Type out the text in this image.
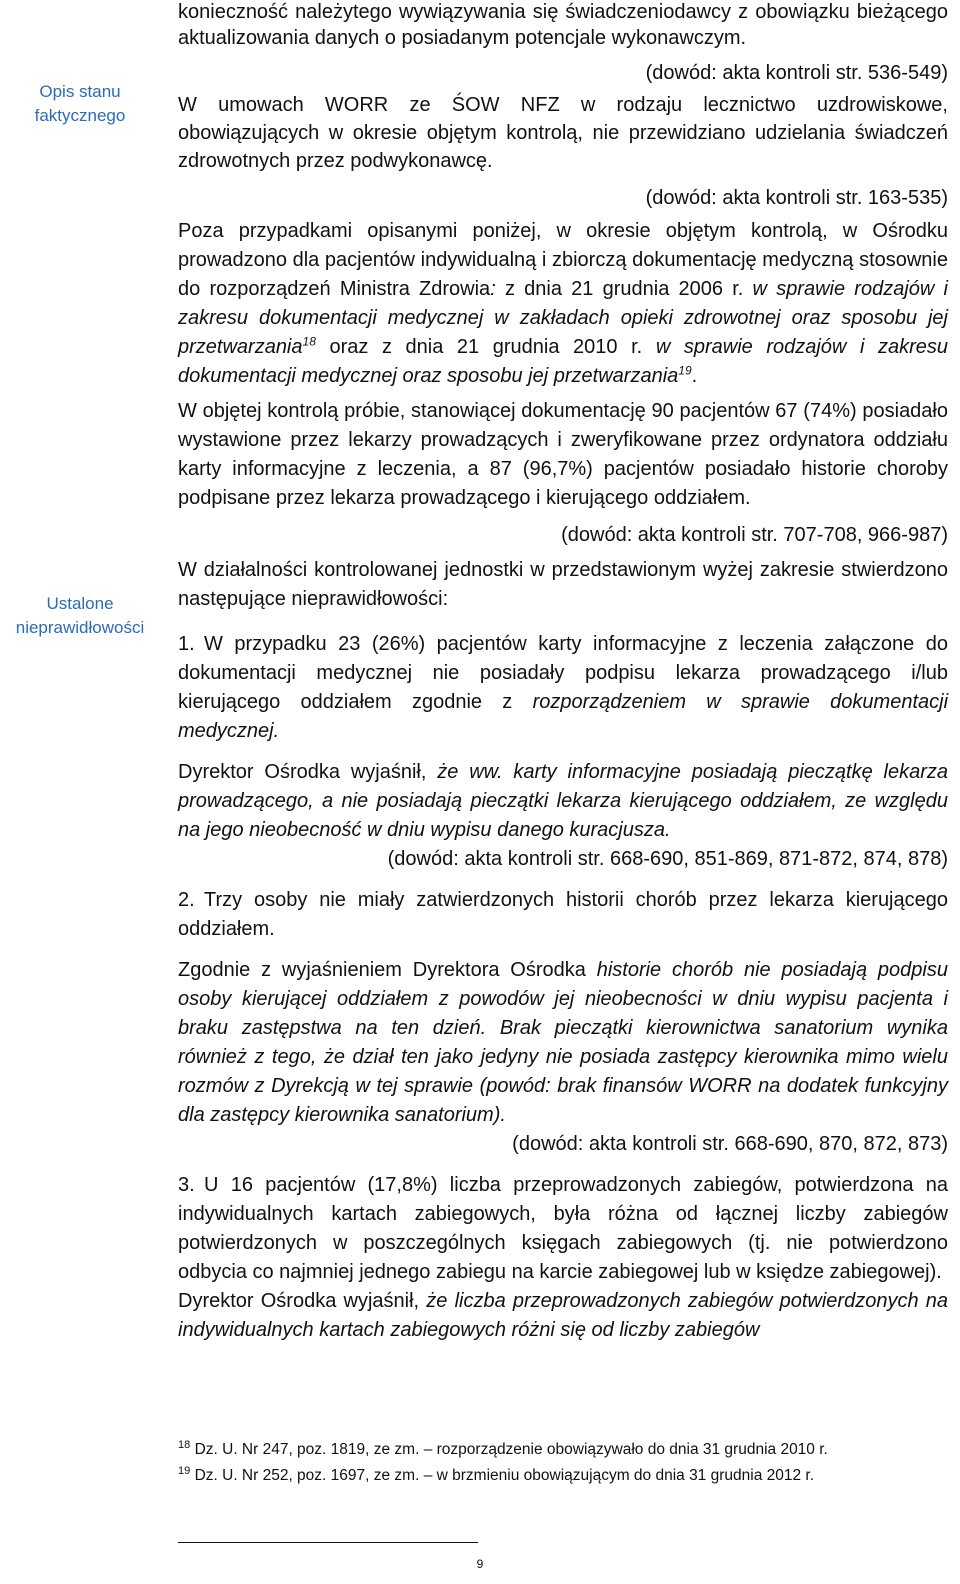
Opis stanu faktycznego
Ustalone nieprawidłowości

konieczność należytego wywiązywania się świadczeniodawcy z obowiązku bieżącego aktualizowania danych o posiadanym potencjale wykonawczym.

(dowód: akta kontroli str. 536-549)

W umowach WORR ze ŚOW NFZ w rodzaju lecznictwo uzdrowiskowe, obowiązujących w okresie objętym kontrolą, nie przewidziano udzielania świadczeń zdrowotnych przez podwykonawcę.

(dowód: akta kontroli str. 163-535)

Poza przypadkami opisanymi poniżej, w okresie objętym kontrolą, w Ośrodku prowadzono dla pacjentów indywidualną i zbiorczą dokumentację medyczną stosownie do rozporządzeń Ministra Zdrowia: z dnia 21 grudnia 2006 r. w sprawie rodzajów i zakresu dokumentacji medycznej w zakładach opieki zdrowotnej oraz sposobu jej przetwarzania$^{18}$ oraz z dnia 21 grudnia 2010 r. w sprawie rodzajów i zakresu dokumentacji medycznej oraz sposobu jej przetwarzania$^{19}$.

W objętej kontrolą próbie, stanowiącej dokumentację 90 pacjentów 67 (74%) posiadało wystawione przez lekarzy prowadzących i zweryfikowane przez ordynatora oddziału karty informacyjne z leczenia, a 87 (96,7%) pacjentów posiadało historie choroby podpisane przez lekarza prowadzącego i kierującego oddziałem.

(dowód: akta kontroli str. 707-708, 966-987)

W działalności kontrolowanej jednostki w przedstawionym wyżej zakresie stwierdzono następujące nieprawidłowości:

1. W przypadku 23 (26%) pacjentów karty informacyjne z leczenia załączone do dokumentacji medycznej nie posiadały podpisu lekarza prowadzącego i/lub kierującego oddziałem zgodnie z rozporządzeniem w sprawie dokumentacji medycznej.

Dyrektor Ośrodka wyjaśnił, że ww. karty informacyjne posiadają pieczątkę lekarza prowadzącego, a nie posiadają pieczątki lekarza kierującego oddziałem, ze względu na jego nieobecność w dniu wypisu danego kuracjusza.

(dowód: akta kontroli str. 668-690, 851-869, 871-872, 874, 878)

2. Trzy osoby nie miały zatwierdzonych historii chorób przez lekarza kierującego oddziałem.

Zgodnie z wyjaśnieniem Dyrektora Ośrodka historie chorób nie posiadają podpisu osoby kierującej oddziałem z powodów jej nieobecności w dniu wypisu pacjenta i braku zastępstwa na ten dzień. Brak pieczątki kierownictwa sanatorium wynika również z tego, że dział ten jako jedyny nie posiada zastępcy kierownika mimo wielu rozmów z Dyrekcją w tej sprawie (powód: brak finansów WORR na dodatek funkcyjny dla zastępcy kierownika sanatorium).

(dowód: akta kontroli str. 668-690, 870, 872, 873)

3. U 16 pacjentów (17,8%) liczba przeprowadzonych zabiegów, potwierdzona na indywidualnych kartach zabiegowych, była różna od łącznej liczby zabiegów potwierdzonych w poszczególnych księgach zabiegowych (tj. nie potwierdzono odbycia co najmniej jednego zabiegu na karcie zabiegowej lub w księdze zabiegowej).

Dyrektor Ośrodka wyjaśnił, że liczba przeprowadzonych zabiegów potwierdzonych na indywidualnych kartach zabiegowych różni się od liczby zabiegów

$^{18}$ Dz. U. Nr 247, poz. 1819, ze zm. – rozporządzenie obowiązywało do dnia 31 grudnia 2010 r.
$^{19}$ Dz. U. Nr 252, poz. 1697, ze zm. – w brzmieniu obowiązującym do dnia 31 grudnia 2012 r.
9
